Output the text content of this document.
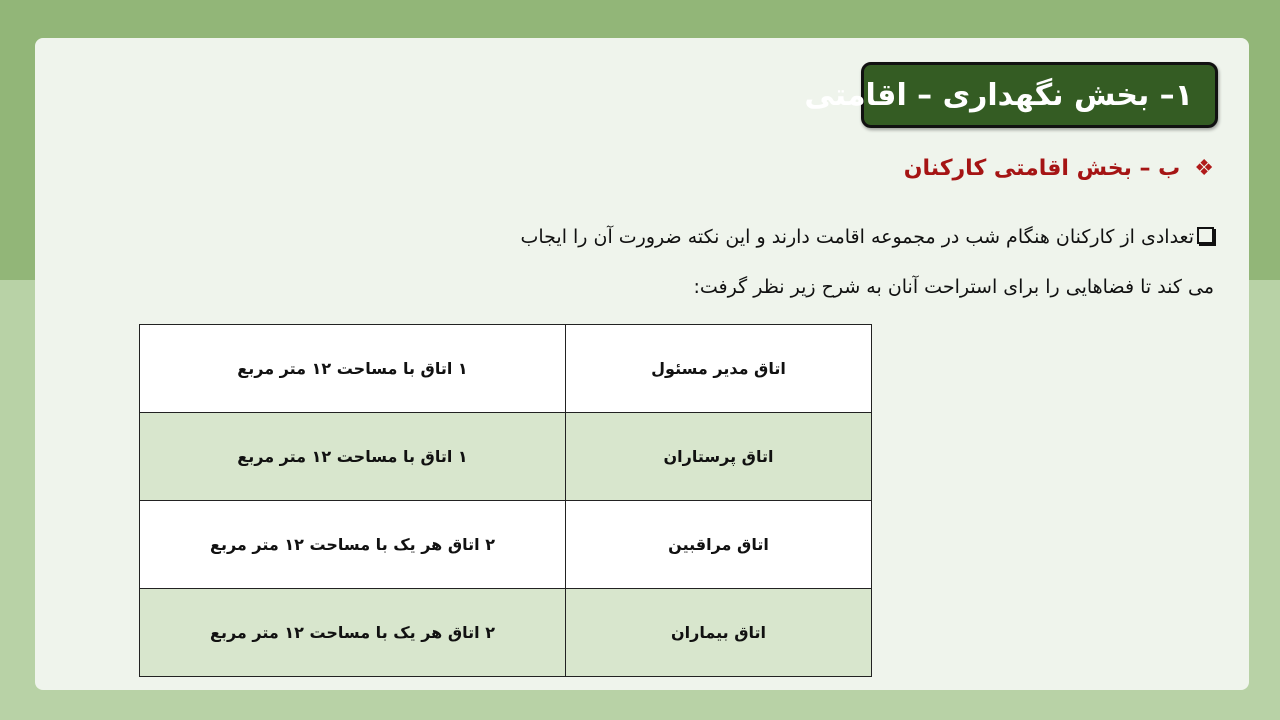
۱– بخش نگهداری – اقامتی
❖
ب – بخش اقامتی کارکنان
تعدادی از کارکنان هنگام شب در مجموعه اقامت دارند و این نکته ضرورت آن را ایجاب
می کند تا فضاهایی را برای استراحت آنان به شرح زیر نظر گرفت:
اتاق مدیر مسئول	۱ اتاق با مساحت ۱۲ متر مربع
اتاق پرستاران	۱ اتاق با مساحت ۱۲ متر مربع
اتاق مراقبین	۲ اتاق هر یک با مساحت ۱۲ متر مربع
اتاق بیماران	۲ اتاق هر یک با مساحت ۱۲ متر مربع
